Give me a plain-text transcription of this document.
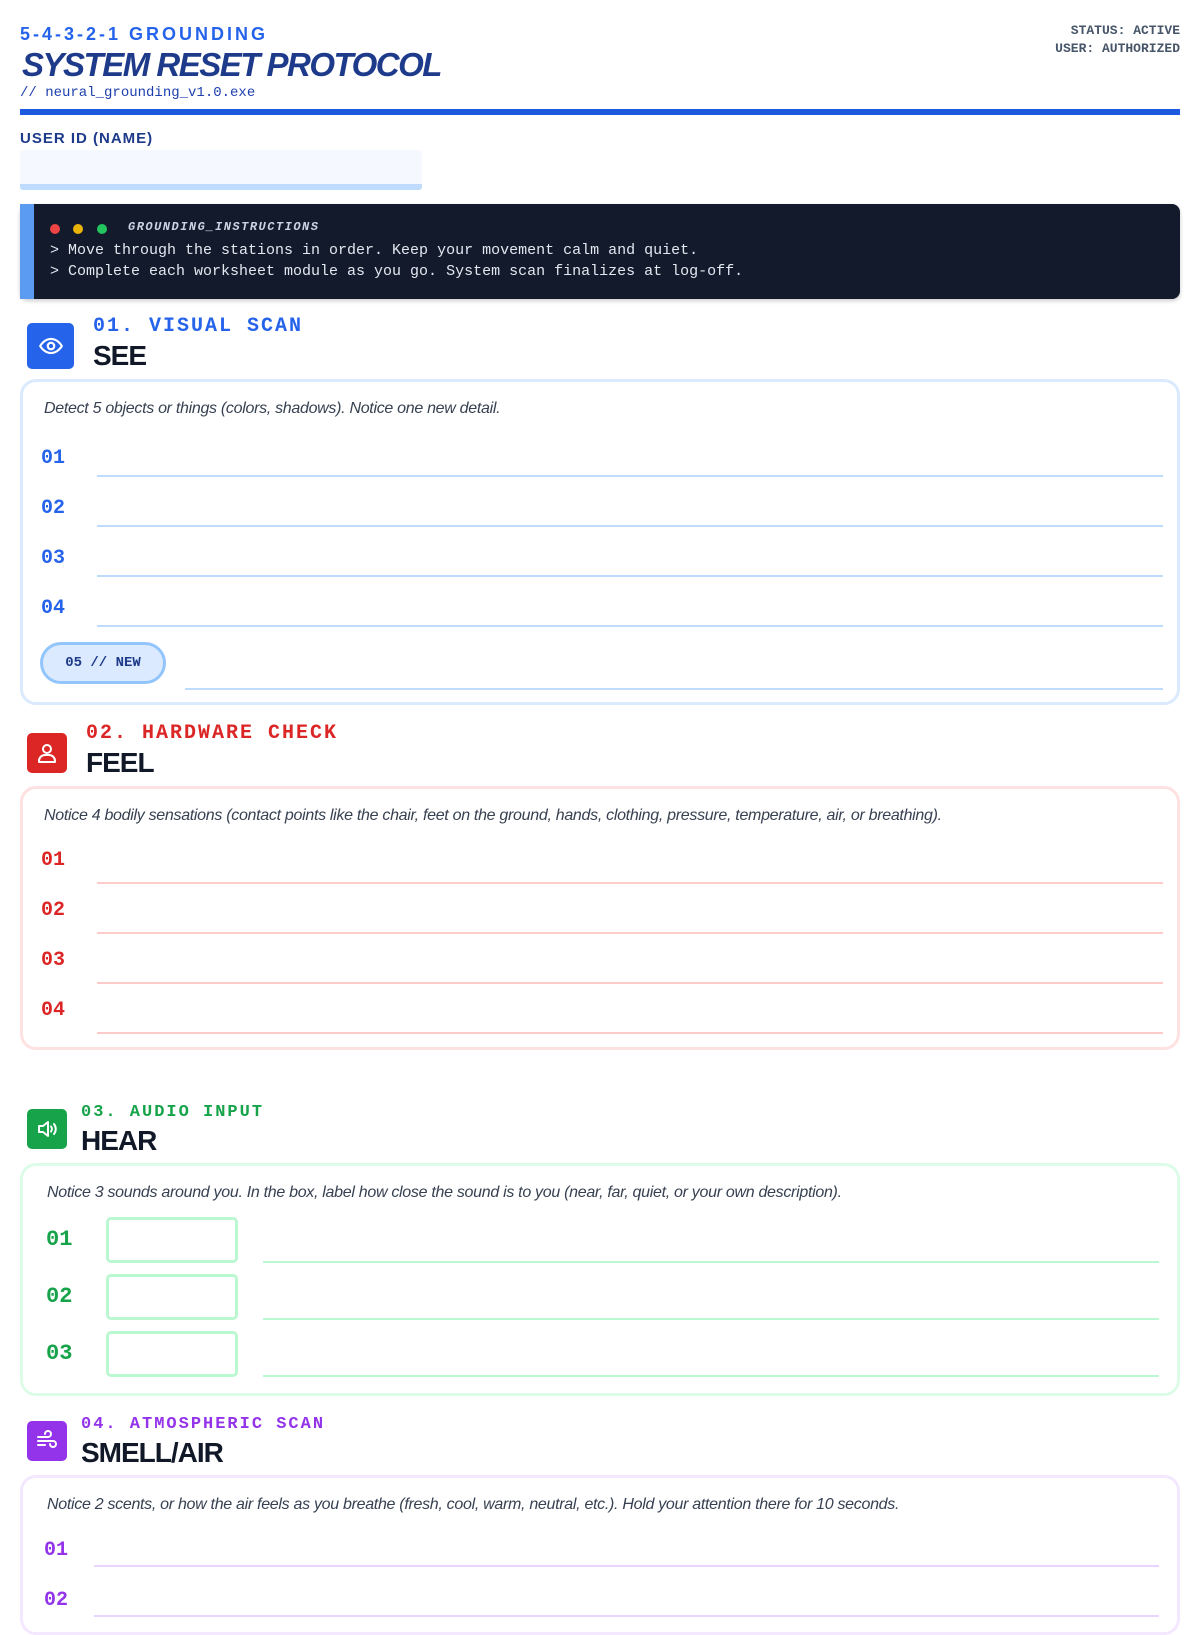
5-4-3-2-1 GROUNDING
SYSTEM RESET PROTOCOL
// neural_grounding_v1.0.exe
STATUS: ACTIVE
USER: AUTHORIZED
USER ID (NAME)
GROUNDING_INSTRUCTIONS
> Move through the stations in order. Keep your movement calm and quiet.
> Complete each worksheet module as you go. System scan finalizes at log-off.
01. VISUAL SCAN
SEE
Detect 5 objects or things (colors, shadows). Notice one new detail.
01
02
03
04
05 // NEW
02. HARDWARE CHECK
FEEL
Notice 4 bodily sensations (contact points like the chair, feet on the ground, hands, clothing, pressure, temperature, air, or breathing).
01
02
03
04
03. AUDIO INPUT
HEAR
Notice 3 sounds around you. In the box, label how close the sound is to you (near, far, quiet, or your own description).
01
02
03
04. ATMOSPHERIC SCAN
SMELL/AIR
Notice 2 scents, or how the air feels as you breathe (fresh, cool, warm, neutral, etc.). Hold your attention there for 10 seconds.
01
02
